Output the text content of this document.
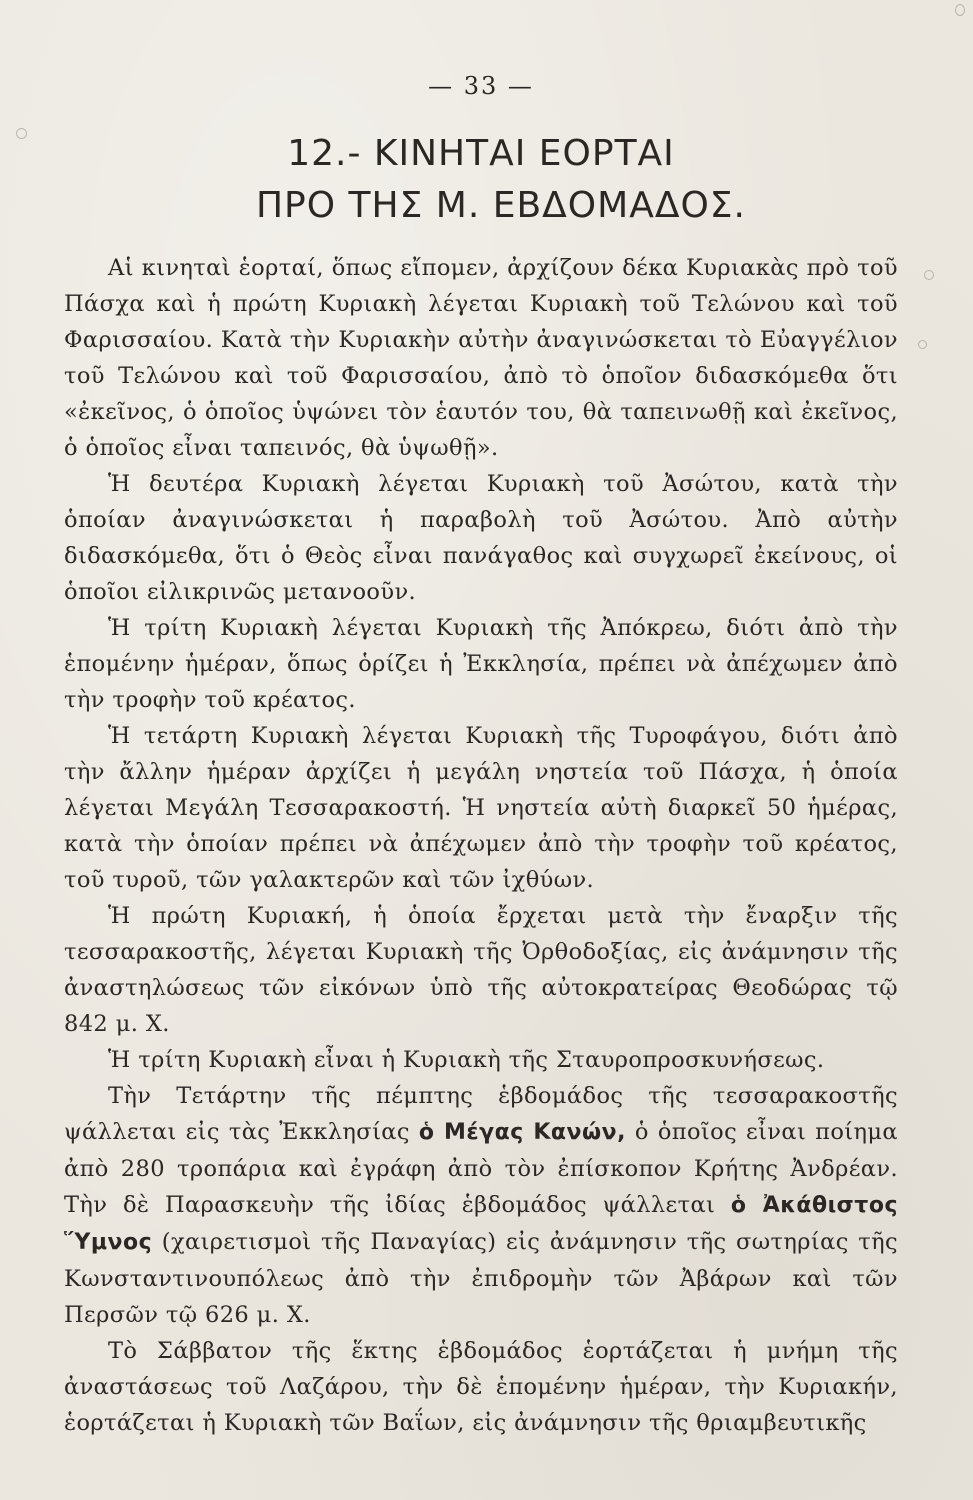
— 33 —
12.- ΚΙΝΗΤΑΙ ΕΟΡΤΑΙ
ΠΡΟ ΤΗΣ Μ. ΕΒΔΟΜΑΔΟΣ.

Αἱ κινηταὶ ἑορταί, ὅπως εἴπομεν, ἀρχίζουν δέκα Κυριακὰς πρὸ τοῦ Πάσχα καὶ ἡ πρώτη Κυριακὴ λέγεται Κυριακὴ τοῦ Τελώνου καὶ τοῦ Φαρισσαίου. Κατὰ τὴν Κυριακὴν αὐτὴν ἀναγινώσκεται τὸ Εὐαγγέλιον τοῦ Τελώνου καὶ τοῦ Φαρισσαίου, ἀπὸ τὸ ὁποῖον διδασκόμεθα ὅτι «ἐκεῖνος, ὁ ὁποῖος ὑψώνει τὸν ἑαυτόν του, θὰ ταπεινωθῇ καὶ ἐκεῖνος, ὁ ὁποῖος εἶναι ταπεινός, θὰ ὑψωθῇ».

Ἡ δευτέρα Κυριακὴ λέγεται Κυριακὴ τοῦ Ἀσώτου, κατὰ τὴν ὁποίαν ἀναγινώσκεται ἡ παραβολὴ τοῦ Ἀσώτου. Ἀπὸ αὐτὴν διδασκόμεθα, ὅτι ὁ Θεὸς εἶναι πανάγαθος καὶ συγχωρεῖ ἐκείνους, οἱ ὁποῖοι εἰλικρινῶς μετανοοῦν.

Ἡ τρίτη Κυριακὴ λέγεται Κυριακὴ τῆς Ἀπόκρεω, διότι ἀπὸ τὴν ἑπομένην ἡμέραν, ὅπως ὁρίζει ἡ Ἐκκλησία, πρέπει νὰ ἀπέχωμεν ἀπὸ τὴν τροφὴν τοῦ κρέατος.

Ἡ τετάρτη Κυριακὴ λέγεται Κυριακὴ τῆς Τυροφάγου, διότι ἀπὸ τὴν ἄλλην ἡμέραν ἀρχίζει ἡ μεγάλη νηστεία τοῦ Πάσχα, ἡ ὁποία λέγεται Μεγάλη Τεσσαρακοστή. Ἡ νηστεία αὐτὴ διαρκεῖ 50 ἡμέρας, κατὰ τὴν ὁποίαν πρέπει νὰ ἀπέχωμεν ἀπὸ τὴν τροφὴν τοῦ κρέατος, τοῦ τυροῦ, τῶν γαλακτερῶν καὶ τῶν ἰχθύων.

Ἡ πρώτη Κυριακή, ἡ ὁποία ἔρχεται μετὰ τὴν ἔναρξιν τῆς τεσσαρακοστῆς, λέγεται Κυριακὴ τῆς Ὀρθοδοξίας, εἰς ἀνάμνησιν τῆς ἀναστηλώσεως τῶν εἰκόνων ὑπὸ τῆς αὐτοκρατείρας Θεοδώρας τῷ 842 μ. Χ.

Ἡ τρίτη Κυριακὴ εἶναι ἡ Κυριακὴ τῆς Σταυροπροσκυνήσεως.

Τὴν Τετάρτην τῆς πέμπτης ἑβδομάδος τῆς τεσσαρακοστῆς ψάλλεται εἰς τὰς Ἐκκλησίας ὁ Μέγας Κανών, ὁ ὁποῖος εἶναι ποίημα ἀπὸ 280 τροπάρια καὶ ἐγράφη ἀπὸ τὸν ἐπίσκοπον Κρήτης Ἀνδρέαν. Τὴν δὲ Παρασκευὴν τῆς ἰδίας ἑβδομάδος ψάλλεται ὁ Ἀκάθιστος Ὕμνος (χαιρετισμοὶ τῆς Παναγίας) εἰς ἀνάμνησιν τῆς σωτηρίας τῆς Κωνσταντινουπόλεως ἀπὸ τὴν ἐπιδρομὴν τῶν Ἀβάρων καὶ τῶν Περσῶν τῷ 626 μ. Χ.

Τὸ Σάββατον τῆς ἕκτης ἑβδομάδος ἑορτάζεται ἡ μνήμη τῆς ἀναστάσεως τοῦ Λαζάρου, τὴν δὲ ἑπομένην ἡμέραν, τὴν Κυριακήν, ἑορτάζεται ἡ Κυριακὴ τῶν Βαΐων, εἰς ἀνάμνησιν τῆς θριαμβευτικῆς
